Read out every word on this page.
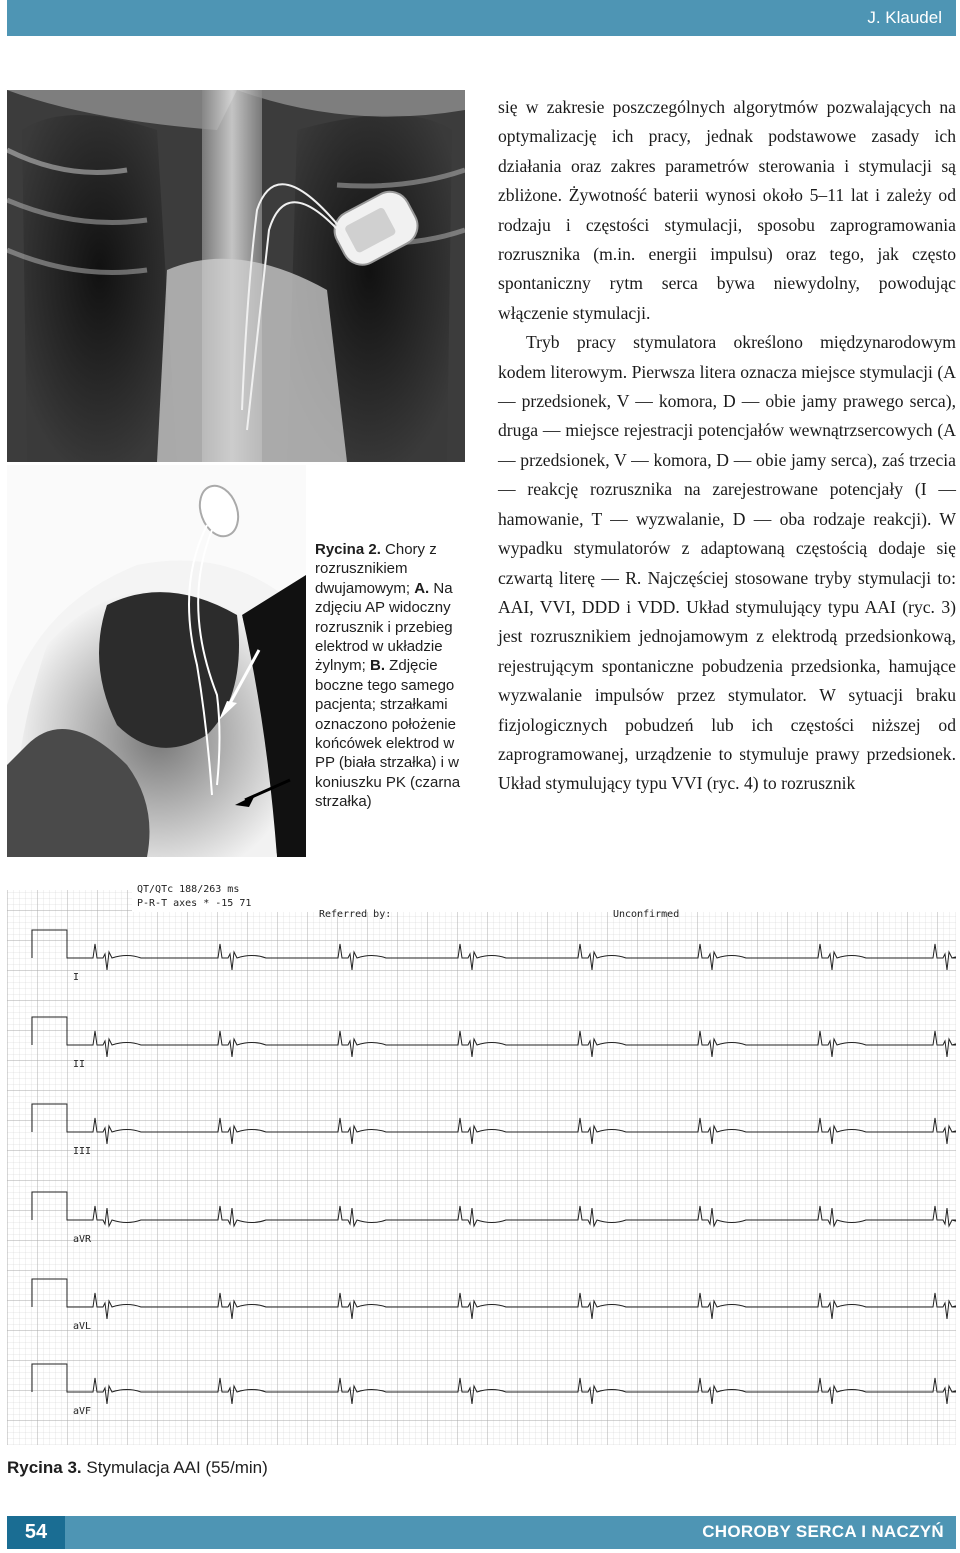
J. Klaudel
Rycina 2. Chory z rozrusznikiem dwujamowym; A. Na zdjęciu AP widoczny rozrusznik i przebieg elektrod w układzie żylnym; B. Zdjęcie boczne tego samego pacjenta; strzałkami oznaczono położenie końcówek elektrod w PP (biała strzałka) i w koniuszku PK (czarna strzałka)

się w zakresie poszczególnych algorytmów pozwalających na optymalizację ich pracy, jednak podstawowe zasady ich działania oraz zakres parametrów sterowania i stymulacji są zbliżone. Żywotność baterii wynosi około 5–11 lat i zależy od rodzaju i częstości stymulacji, sposobu zaprogramowania rozrusznika (m.in. energii impulsu) oraz tego, jak często spontaniczny rytm serca bywa niewydolny, powodując włączenie stymulacji.

Tryb pracy stymulatora określono międzynarodowym kodem literowym. Pierwsza litera oznacza miejsce stymulacji (A — przedsionek, V — komora, D — obie jamy prawego serca), druga — miejsce rejestracji potencjałów wewnątrzsercowych (A — przedsionek, V — komora, D — obie jamy serca), zaś trzecia — reakcję rozrusznika na zarejestrowane potencjały (I — hamowanie, T — wyzwalanie, D — oba rodzaje reakcji). W wypadku stymulatorów z adaptowaną częstością dodaje się czwartą literę — R. Najczęściej stosowane tryby stymulacji to: AAI, VVI, DDD i VDD. Układ stymulujący typu AAI (ryc. 3) jest rozrusznikiem jednojamowym z elektrodą przedsionkową, rejestrującym spontaniczne pobudzenia przedsionka, hamujące wyzwalanie impulsów przez stymulator. W sytuacji braku fizjologicznych pobudzeń lub ich częstości niższej od zaprogramowanej, urządzenie to stymuluje prawy przedsionek. Układ stymulujący typu VVI (ryc. 4) to rozrusznik

QT/QTc 188/263 ms
P-R-T axes * -15 71
Referred by:	Unconfirmed
I
II
III
aVR
aVL
aVF
Rycina 3. Stymulacja AAI (55/min)
54	CHOROBY SERCA I NACZYŃ
